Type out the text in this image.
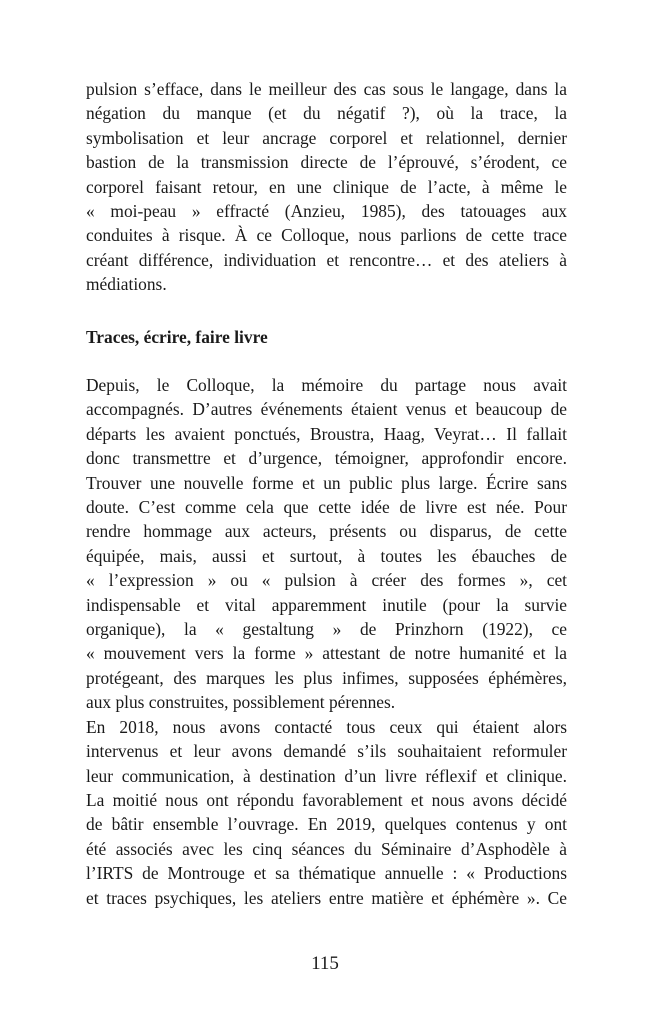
pulsion s’efface, dans le meilleur des cas sous le langage, dans la
négation du manque (et du négatif ?), où la trace, la
symbolisation et leur ancrage corporel et relationnel, dernier
bastion de la transmission directe de l’éprouvé, s’érodent, ce
corporel faisant retour, en une clinique de l’acte, à même le
« moi-peau » effracté (Anzieu, 1985), des tatouages aux
conduites à risque. À ce Colloque, nous parlions de cette trace
créant différence, individuation et rencontre… et des ateliers à
médiations.

Traces, écrire, faire livre

Depuis, le Colloque, la mémoire du partage nous avait
accompagnés. D’autres événements étaient venus et beaucoup de
départs les avaient ponctués, Broustra, Haag, Veyrat… Il fallait
donc transmettre et d’urgence, témoigner, approfondir encore.
Trouver une nouvelle forme et un public plus large. Écrire sans
doute. C’est comme cela que cette idée de livre est née. Pour
rendre hommage aux acteurs, présents ou disparus, de cette
équipée, mais, aussi et surtout, à toutes les ébauches de
« l’expression » ou « pulsion à créer des formes », cet
indispensable et vital apparemment inutile (pour la survie
organique), la « gestaltung » de Prinzhorn (1922), ce
« mouvement vers la forme » attestant de notre humanité et la
protégeant, des marques les plus infimes, supposées éphémères,
aux plus construites, possiblement pérennes.

En 2018, nous avons contacté tous ceux qui étaient alors
intervenus et leur avons demandé s’ils souhaitaient reformuler
leur communication, à destination d’un livre réflexif et clinique.
La moitié nous ont répondu favorablement et nous avons décidé
de bâtir ensemble l’ouvrage. En 2019, quelques contenus y ont
été associés avec les cinq séances du Séminaire d’Asphodèle à
l’IRTS de Montrouge et sa thématique annuelle : « Productions
et traces psychiques, les ateliers entre matière et éphémère ». Ce

115
